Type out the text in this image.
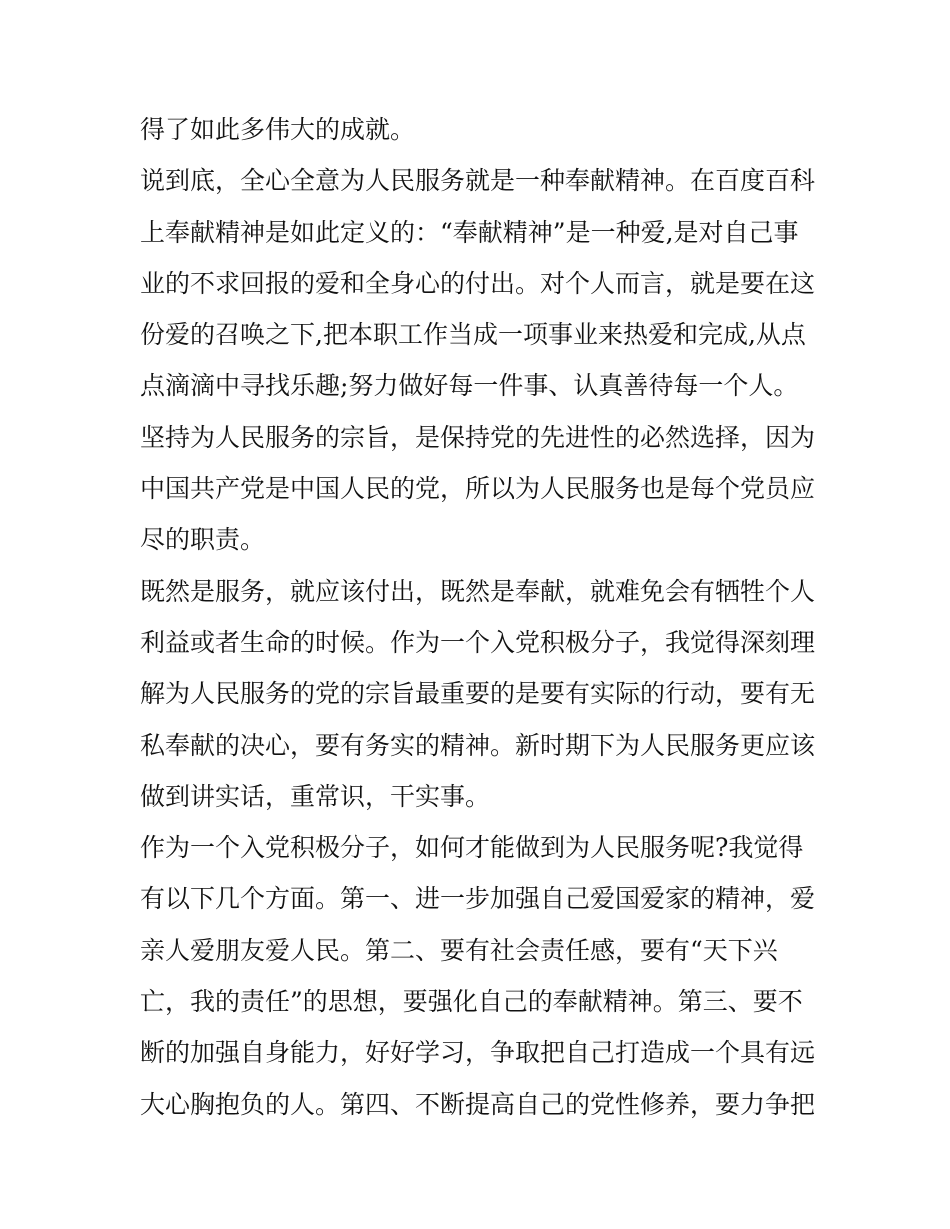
得了如此多伟大的成就。
说到底，全心全意为人民服务就是一种奉献精神。在百度百科
上奉献精神是如此定义的：“奉献精神”是一种爱,是对自己事
业的不求回报的爱和全身心的付出。对个人而言，就是要在这
份爱的召唤之下,把本职工作当成一项事业来热爱和完成,从点
点滴滴中寻找乐趣;努力做好每一件事、认真善待每一个人。
坚持为人民服务的宗旨，是保持党的先进性的必然选择，因为
中国共产党是中国人民的党，所以为人民服务也是每个党员应
尽的职责。
既然是服务，就应该付出，既然是奉献，就难免会有牺牲个人
利益或者生命的时候。作为一个入党积极分子，我觉得深刻理
解为人民服务的党的宗旨最重要的是要有实际的行动，要有无
私奉献的决心，要有务实的精神。新时期下为人民服务更应该
做到讲实话，重常识，干实事。
作为一个入党积极分子，如何才能做到为人民服务呢?我觉得
有以下几个方面。第一、进一步加强自己爱国爱家的精神，爱
亲人爱朋友爱人民。第二、要有社会责任感，要有“天下兴
亡，我的责任”的思想，要强化自己的奉献精神。第三、要不
断的加强自身能力，好好学习，争取把自己打造成一个具有远
大心胸抱负的人。第四、不断提高自己的党性修养，要力争把
